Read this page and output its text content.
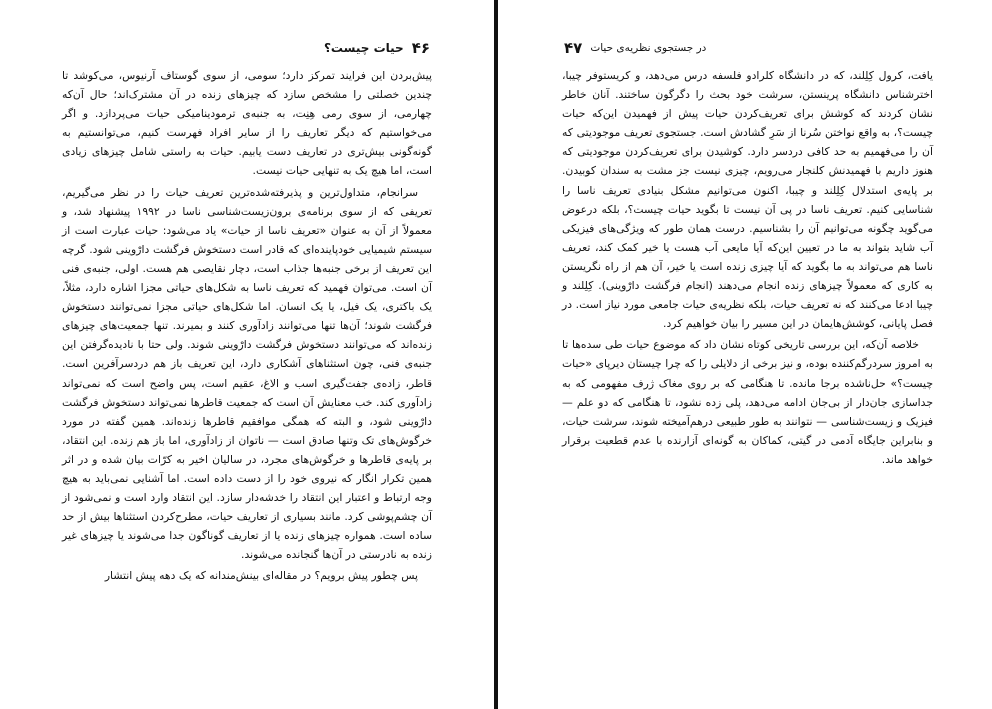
۴۶
حیات چیست؟

پیش‌بردن این فرایند تمرکز دارد؛ سومی، از سوی گوستاف آرنیوس، می‌کوشد تا چندین خصلتی را مشخص سازد که چیزهای زنده در آن مشترک‌اند؛ حال آن‌که چهارمی، از سوی رمی هِنِت، به جنبه‌ی ترمودینامیکی حیات می‌پردازد. و اگر می‌خواستیم که دیگر تعاریف را از سایر افراد فهرست کنیم، می‌توانستیم به گونه‌گونی بیش‌تری در تعاریف دست یابیم. حیات به راستی شامل چیزهای زیادی است، اما هیچ یک به تنهایی حیات نیست.

سرانجام، متداول‌ترین و پذیرفته‌شده‌ترین تعریف حیات را در نظر می‌گیریم، تعریفی که از سوی برنامه‌ی برون‌زیست‌شناسی ناسا در ۱۹۹۲ پیشنهاد شد، و معمولاً از آن به عنوان «تعریف ناسا از حیات» یاد می‌شود: حیات عبارت است از سیستم شیمیایی خودپاینده‌ای که قادر است دستخوش فرگشت دارْوینی شود. گرچه این تعریف از برخی جنبه‌ها جذاب است، دچار نقایصی هم هست. اولی، جنبه‌ی فنی آن است. می‌توان فهمید که تعریف ناسا به شکل‌های حیاتی مجزا اشاره دارد، مثلاً، یک باکتری، یک فیل، یا یک انسان. اما شکل‌های حیاتی مجزا نمی‌توانند دستخوش فرگشت شوند؛ آن‌ها تنها می‌توانند زادآوری کنند و بمیرند. تنها جمعیت‌های چیزهای زنده‌اند که می‌توانند دستخوش فرگشت دارْوینی شوند. ولی حتا با نادیده‌گرفتن این جنبه‌ی فنی، چون استثناهای آشکاری دارد، این تعریف باز هم دردسرآفرین است. قاطر، زاده‌ی جفت‌گیری اسب و الاغ، عقیم است، پس واضح است که نمی‌تواند زادآوری کند. خب معنایش آن است که جمعیت قاطرها نمی‌تواند دستخوش فرگشت دارْوینی شود، و البته که همگی موافقیم قاطرها زنده‌اند. همین گفته در مورد خرگوش‌های تک وتنها صادق است — ناتوان از زادآوری، اما باز هم زنده. این انتقاد، بر پایه‌ی قاطرها و خرگوش‌های مجرد، در سالیان اخیر به کرّات بیان شده و در اثر همین تکرار انگار که نیروی خود را از دست داده است. اما آشنایی نمی‌باید به هیچ وجه ارتباط و اعتبار این انتقاد را خدشه‌دار سازد. این انتقاد وارد است و نمی‌شود از آن چشم‌پوشی کرد. مانند بسیاری از تعاریف حیات، مطرح‌کردن استثناها بیش از حد ساده است. همواره چیزهای زنده یا از تعاریف گوناگون جدا می‌شوند یا چیزهای غیر زنده به نادرستی در آن‌ها گنجانده می‌شوند.

پس چطور پیش برویم؟ در مقاله‌ای بینش‌مندانه که یک دهه پیش انتشار

۴۷ در جستجوی نظریه‌ی حیات

یافت، کرول کِلِلند، که در دانشگاه کلرادو فلسفه درس می‌دهد، و کریستوفر چیبا، اخترشناس دانشگاه پرینستن، سرشت خود بحث را دگرگون ساختند. آنان خاطر نشان کردند که کوشش برای تعریف‌کردن حیات پیش از فهمیدن این‌که حیات چیست؟، به واقع نواختن سُرنا از سَرِ گشادش است. جستجوی تعریف موجودیتی که آن را می‌فهمیم به حد کافی دردسر دارد. کوشیدن برای تعریف‌کردن موجودیتی که هنوز داریم با فهمیدنش کلنجار می‌رویم، چیزی نیست جز مشت به سندان کوبیدن. بر پایه‌ی استدلال کِلِلند و چیبا، اکنون می‌توانیم مشکل بنیادی تعریف ناسا را شناسایی کنیم. تعریف ناسا در پی آن نیست تا بگوید حیات چیست؟، بلکه درعوض می‌گوید چگونه می‌توانیم آن را بشناسیم. درست همان طور که ویژگی‌های فیزیکی آب شاید بتواند به ما در تعیین این‌که آیا مایعی آب هست یا خیر کمک کند، تعریف ناسا هم می‌تواند به ما بگوید که آیا چیزی زنده است یا خیر، آن هم از راه نگریستن به کاری که معمولاً چیزهای زنده انجام می‌دهند (انجام فرگشت دارْوینی). کِلِلند و چیبا ادعا می‌کنند که نه تعریف حیات، بلکه نظریه‌ی حیات جامعی مورد نیاز است. در فصل پایانی، کوشش‌هایمان در این مسیر را بیان خواهیم کرد.

خلاصه آن‌که، این بررسی تاریخی کوتاه نشان داد که موضوع حیات طی سده‌ها تا به امروز سردرگم‌کننده بوده، و نیز برخی از دلایلی را که چرا چیستان دیرپای «حیات چیست؟» حل‌ناشده برجا مانده. تا هنگامی که بر روی مغاک ژرف مفهومی که به جداسازی جان‌دار از بی‌جان ادامه می‌دهد، پلی زده نشود، تا هنگامی که دو علم — فیزیک و زیست‌شناسی — نتوانند به طور طبیعی درهم‌آمیخته شوند، سرشت حیات، و بنابراین جایگاه آدمی در گیتی، کماکان به گونه‌ای آزارنده با عدم قطعیت برقرار خواهد ماند.
